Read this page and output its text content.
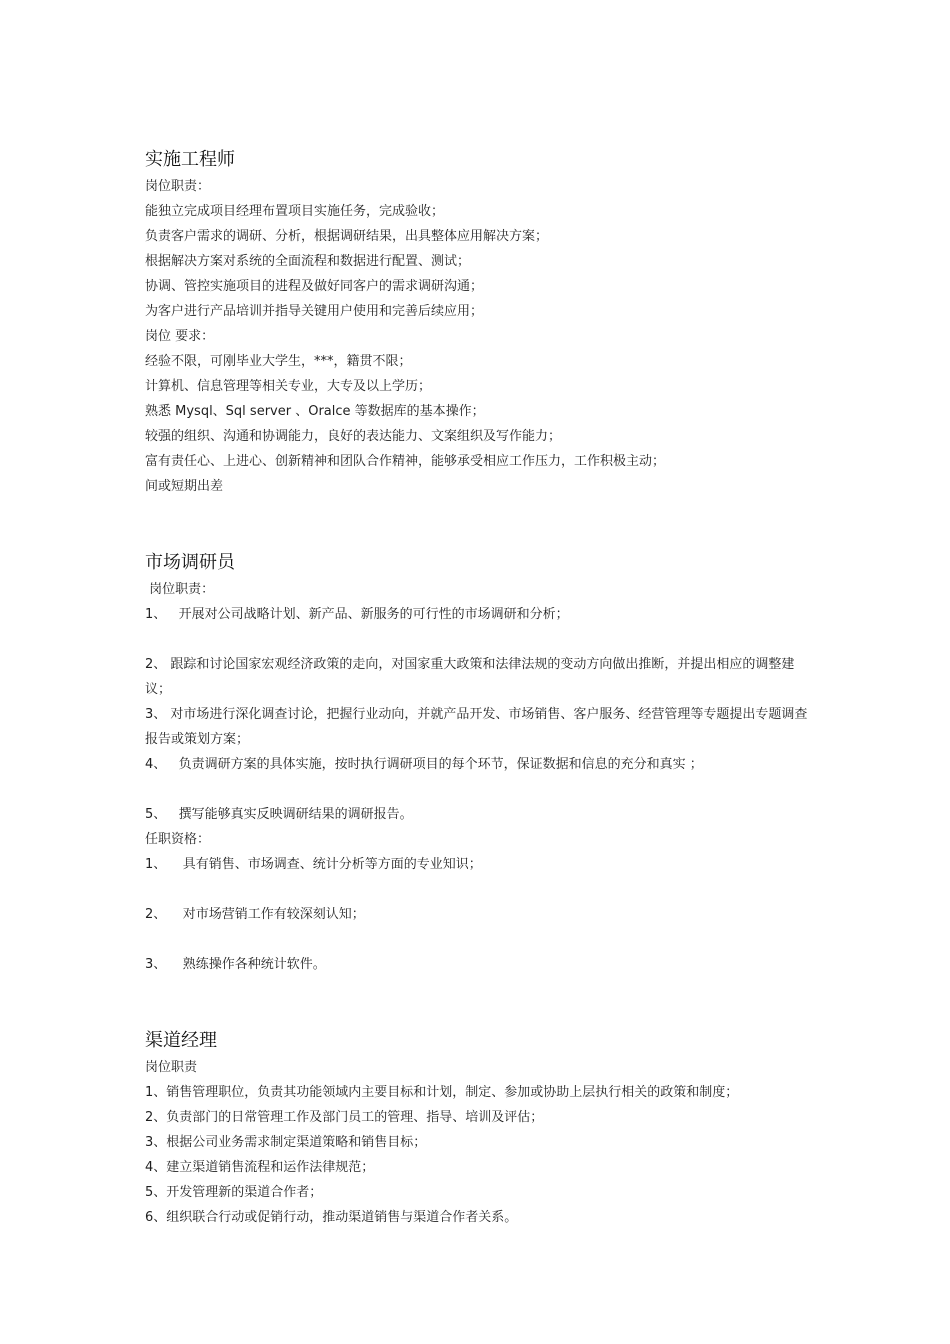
实施工程师

岗位职责：

能独立完成项目经理布置项目实施任务，完成验收；

负责客户需求的调研、分析，根据调研结果，出具整体应用解决方案；

根据解决方案对系统的全面流程和数据进行配置、测试；

协调、管控实施项目的进程及做好同客户的需求调研沟通；

为客户进行产品培训并指导关键用户使用和完善后续应用；

岗位 要求：

经验不限，可刚毕业大学生，***，籍贯不限；

计算机、信息管理等相关专业，大专及以上学历；

熟悉 Mysql、Sql server 、Oralce 等数据库的基本操作；

较强的组织、沟通和协调能力，良好的表达能力、文案组织及写作能力；

富有责任心、上进心、创新精神和团队合作精神，能够承受相应工作压力，工作积极主动；

间或短期出差

市场调研员

岗位职责：

1、   开展对公司战略计划、新产品、新服务的可行性的市场调研和分析；

2、 跟踪和讨论国家宏观经济政策的走向，对国家重大政策和法律法规的变动方向做出推断，并提出相应的调整建议；

3、 对市场进行深化调查讨论，把握行业动向，并就产品开发、市场销售、客户服务、经营管理等专题提出专题调查报告或策划方案；

4、   负责调研方案的具体实施，按时执行调研项目的每个环节，保证数据和信息的充分和真实 ；

5、   撰写能够真实反映调研结果的调研报告。

任职资格：

1、    具有销售、市场调查、统计分析等方面的专业知识；

2、    对市场营销工作有较深刻认知；

3、    熟练操作各种统计软件。

渠道经理

岗位职责

1、销售管理职位，负责其功能领域内主要目标和计划，制定、参加或协助上层执行相关的政策和制度；

2、负责部门的日常管理工作及部门员工的管理、指导、培训及评估；

3、根据公司业务需求制定渠道策略和销售目标；

4、建立渠道销售流程和运作法律规范；

5、开发管理新的渠道合作者；

6、组织联合行动或促销行动，推动渠道销售与渠道合作者关系。
